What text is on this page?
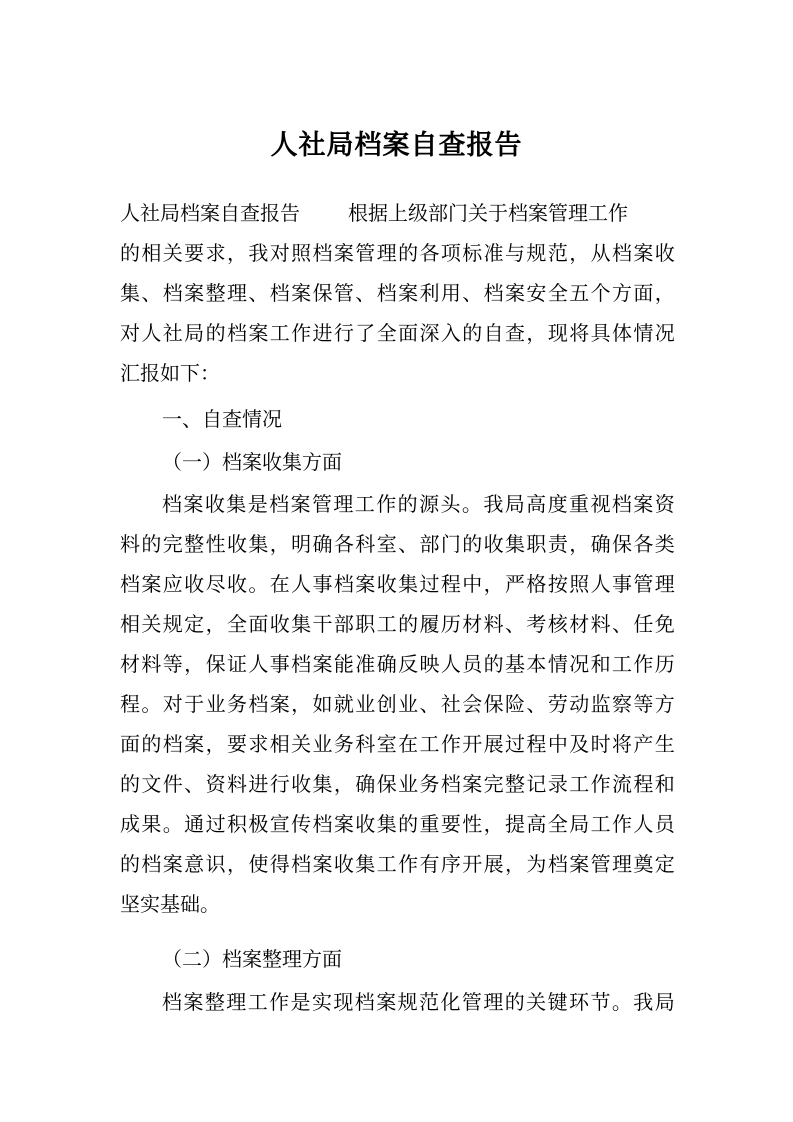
人社局档案自查报告
人社局档案自查报告 根据上级部门关于档案管理工作
的 相 关 要 求 ， 我 对 照 档 案 管 理 的 各 项 标 准 与 规 范 ， 从 档 案 收
集 、 档 案 整 理 、 档 案 保 管 、 档 案 利 用 、 档 案 安 全 五 个 方 面 ，
对 人 社 局 的 档 案 工 作 进 行 了 全 面 深 入 的 自 查 ， 现 将 具 体 情 况
汇报如下：
一、自查情况
（一）档案收集方面
档 案 收 集 是 档 案 管 理 工 作 的 源 头 。 我 局 高 度 重 视 档 案 资
料 的 完 整 性 收 集 ， 明 确 各 科 室 、 部 门 的 收 集 职 责 ， 确 保 各 类
档 案 应 收 尽 收 。 在 人 事 档 案 收 集 过 程 中 ， 严 格 按 照 人 事 管 理
相 关 规 定 ， 全 面 收 集 干 部 职 工 的 履 历 材 料 、 考 核 材 料 、 任 免
材 料 等 ， 保 证 人 事 档 案 能 准 确 反 映 人 员 的 基 本 情 况 和 工 作 历
程 。 对 于 业 务 档 案 ， 如 就 业 创 业 、 社 会 保 险 、 劳 动 监 察 等 方
面 的 档 案 ， 要 求 相 关 业 务 科 室 在 工 作 开 展 过 程 中 及 时 将 产 生
的 文 件 、 资 料 进 行 收 集 ， 确 保 业 务 档 案 完 整 记 录 工 作 流 程 和
成 果 。 通 过 积 极 宣 传 档 案 收 集 的 重 要 性 ， 提 高 全 局 工 作 人 员
的 档 案 意 识 ， 使 得 档 案 收 集 工 作 有 序 开 展 ， 为 档 案 管 理 奠 定
坚实基础。
（二）档案整理方面
档 案 整 理 工 作 是 实 现 档 案 规 范 化 管 理 的 关 键 环 节 。 我 局
